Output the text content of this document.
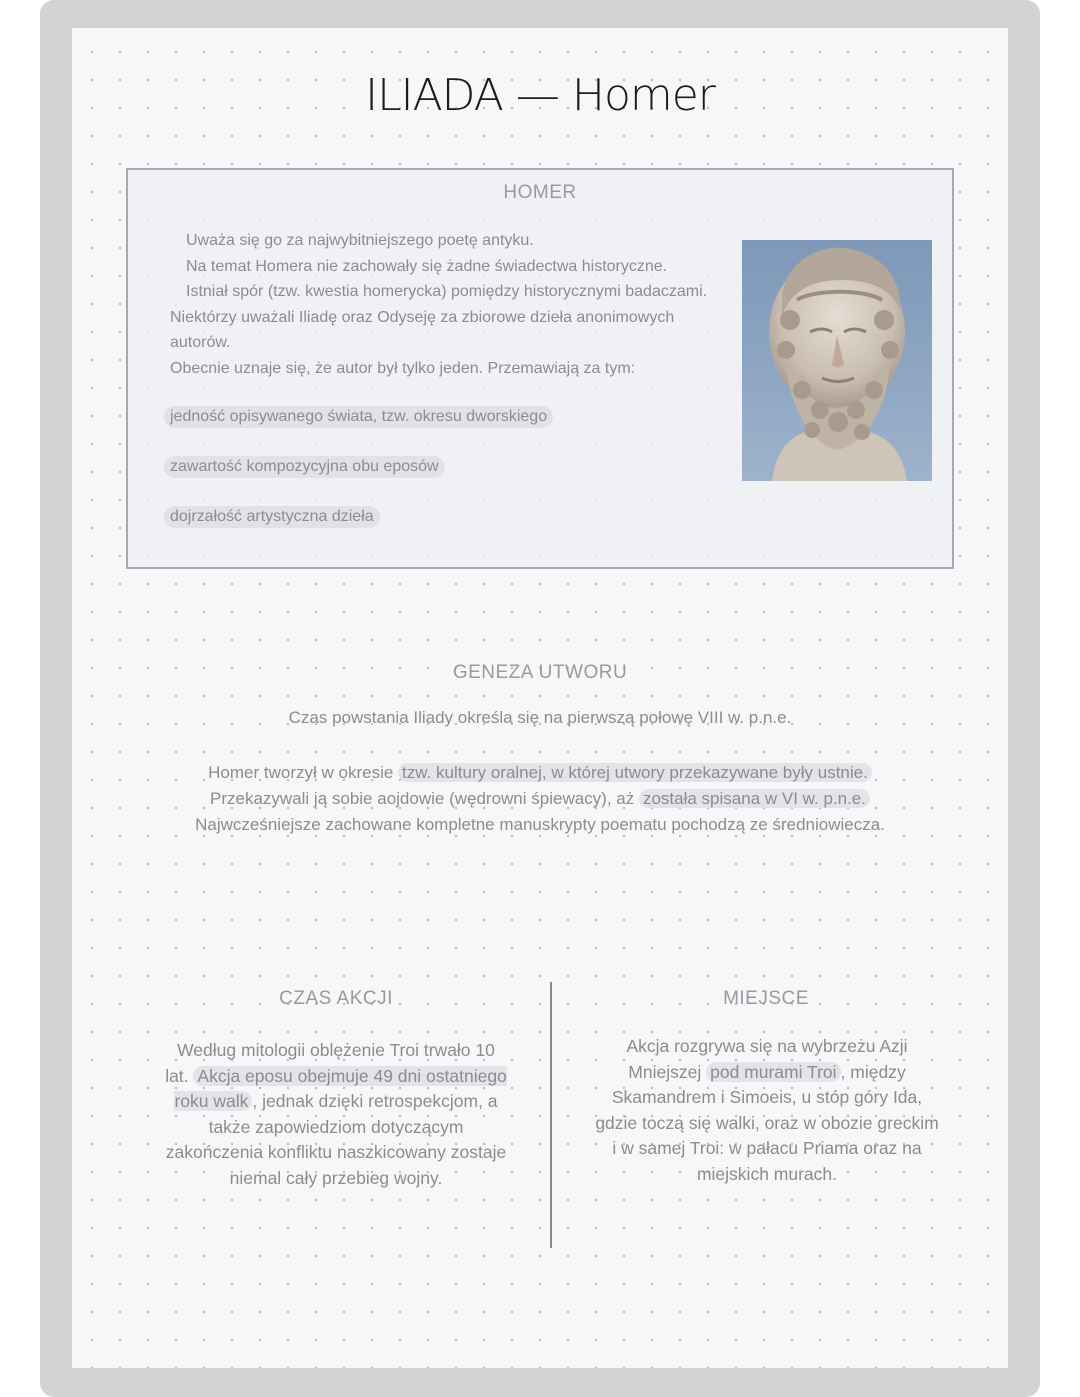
ILIADA — Homer
HOMER

Uważa się go za najwybitniejszego poetę antyku.

Na temat Homera nie zachowały się żadne świadectwa historyczne.

Istniał spór (tzw. kwestia homerycka) pomiędzy historycznymi badaczami. Niektórzy uważali Iliadę oraz Odyseję za zbiorowe dzieła anonimowych autorów.

Obecnie uznaje się, że autor był tylko jeden. Przemawiają za tym:

jedność opisywanego świata, tzw. okresu dworskiego
zawartość kompozycyjna obu eposów
dojrzałość artystyczna dzieła
GENEZA UTWORU
Czas powstania Iliady określa się na pierwszą połowę VIII w. p.n.e.
Homer tworzył w okresie tzw. kultury oralnej, w której utwory przekazywane były ustnie. Przekazywali ją sobie aojdowie (wędrowni śpiewacy), aż została spisana w VI w. p.n.e. Najwcześniejsze zachowane kompletne manuskrypty poematu pochodzą ze średniowiecza.
CZAS AKCJI
Według mitologii oblężenie Troi trwało 10 lat. Akcja eposu obejmuje 49 dni ostatniego roku walk , jednak dzięki retrospekcjom, a także zapowiedziom dotyczącym zakończenia konfliktu naszkicowany zostaje niemal cały przebieg wojny.
MIEJSCE
Akcja rozgrywa się na wybrzeżu Azji Mniejszej pod murami Troi , między Skamandrem i Simoeis, u stóp góry Ida, gdzie toczą się walki, oraz w obozie greckim i w samej Troi: w pałacu Priama oraz na miejskich murach.
